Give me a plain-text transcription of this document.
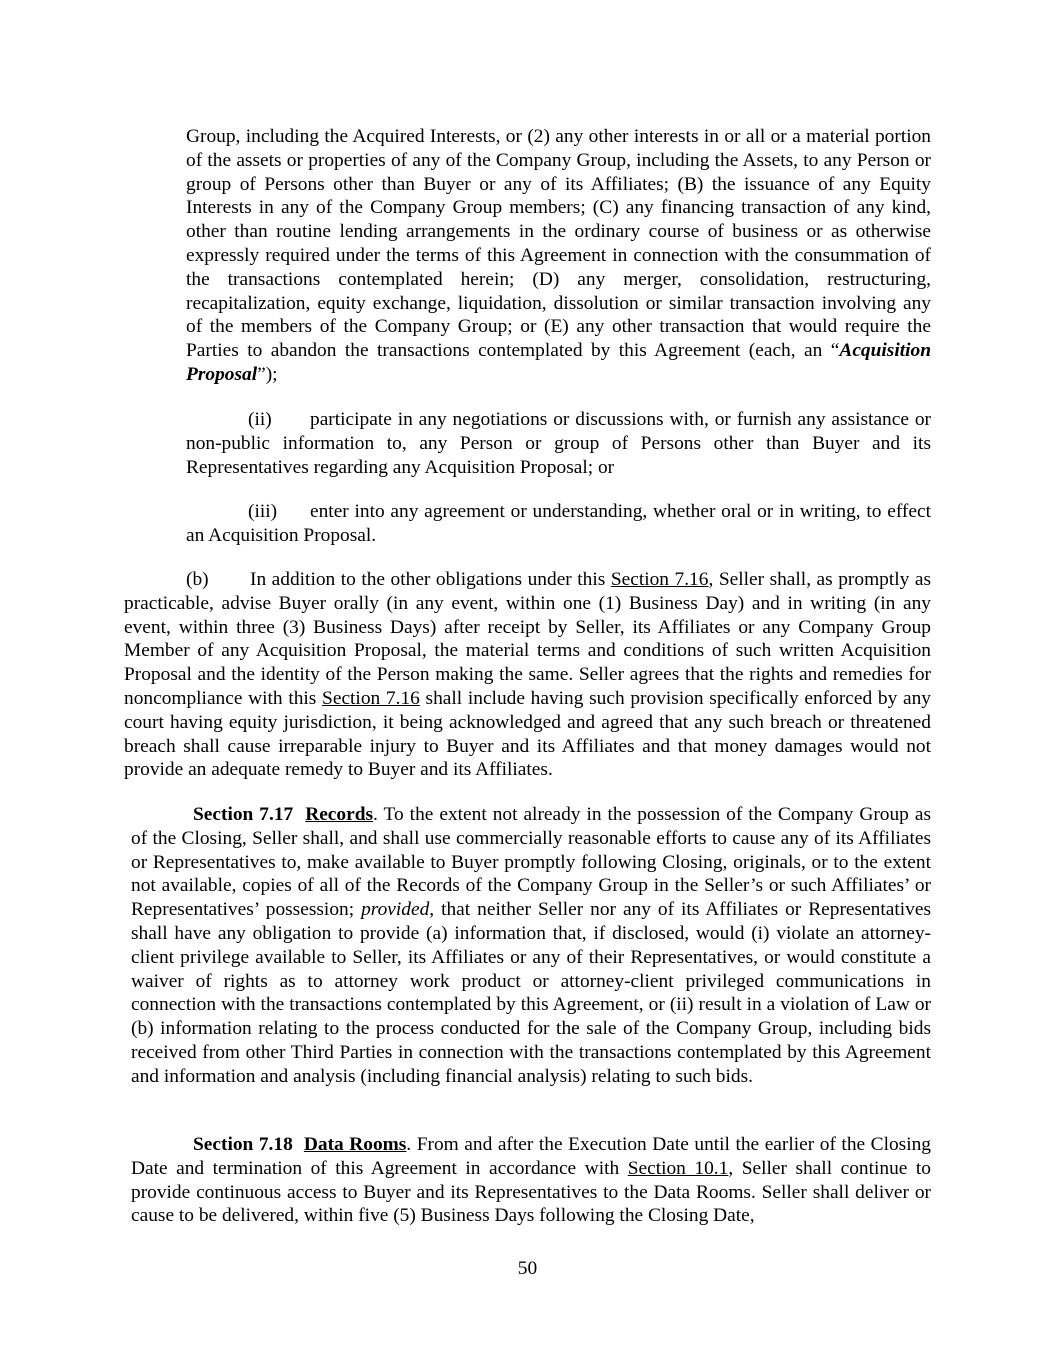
Group, including the Acquired Interests, or (2) any other interests in or all or a material portion of the assets or properties of any of the Company Group, including the Assets, to any Person or group of Persons other than Buyer or any of its Affiliates; (B) the issuance of any Equity Interests in any of the Company Group members; (C) any financing transaction of any kind, other than routine lending arrangements in the ordinary course of business or as otherwise expressly required under the terms of this Agreement in connection with the consummation of the transactions contemplated herein; (D) any merger, consolidation, restructuring, recapitalization, equity exchange, liquidation, dissolution or similar transaction involving any of the members of the Company Group; or (E) any other transaction that would require the Parties to abandon the transactions contemplated by this Agreement (each, an “Acquisition Proposal”);

(ii) participate in any negotiations or discussions with, or furnish any assistance or non-public information to, any Person or group of Persons other than Buyer and its Representatives regarding any Acquisition Proposal; or

(iii) enter into any agreement or understanding, whether oral or in writing, to effect an Acquisition Proposal.

(b) In addition to the other obligations under this Section 7.16, Seller shall, as promptly as practicable, advise Buyer orally (in any event, within one (1) Business Day) and in writing (in any event, within three (3) Business Days) after receipt by Seller, its Affiliates or any Company Group Member of any Acquisition Proposal, the material terms and conditions of such written Acquisition Proposal and the identity of the Person making the same. Seller agrees that the rights and remedies for noncompliance with this Section 7.16 shall include having such provision specifically enforced by any court having equity jurisdiction, it being acknowledged and agreed that any such breach or threatened breach shall cause irreparable injury to Buyer and its Affiliates and that money damages would not provide an adequate remedy to Buyer and its Affiliates.

Section 7.17 Records. To the extent not already in the possession of the Company Group as of the Closing, Seller shall, and shall use commercially reasonable efforts to cause any of its Affiliates or Representatives to, make available to Buyer promptly following Closing, originals, or to the extent not available, copies of all of the Records of the Company Group in the Seller’s or such Affiliates’ or Representatives’ possession; provided, that neither Seller nor any of its Affiliates or Representatives shall have any obligation to provide (a) information that, if disclosed, would (i) violate an attorney-client privilege available to Seller, its Affiliates or any of their Representatives, or would constitute a waiver of rights as to attorney work product or attorney-client privileged communications in connection with the transactions contemplated by this Agreement, or (ii) result in a violation of Law or (b) information relating to the process conducted for the sale of the Company Group, including bids received from other Third Parties in connection with the transactions contemplated by this Agreement and information and analysis (including financial analysis) relating to such bids.

Section 7.18 Data Rooms. From and after the Execution Date until the earlier of the Closing Date and termination of this Agreement in accordance with Section 10.1, Seller shall continue to provide continuous access to Buyer and its Representatives to the Data Rooms. Seller shall deliver or cause to be delivered, within five (5) Business Days following the Closing Date,

50
